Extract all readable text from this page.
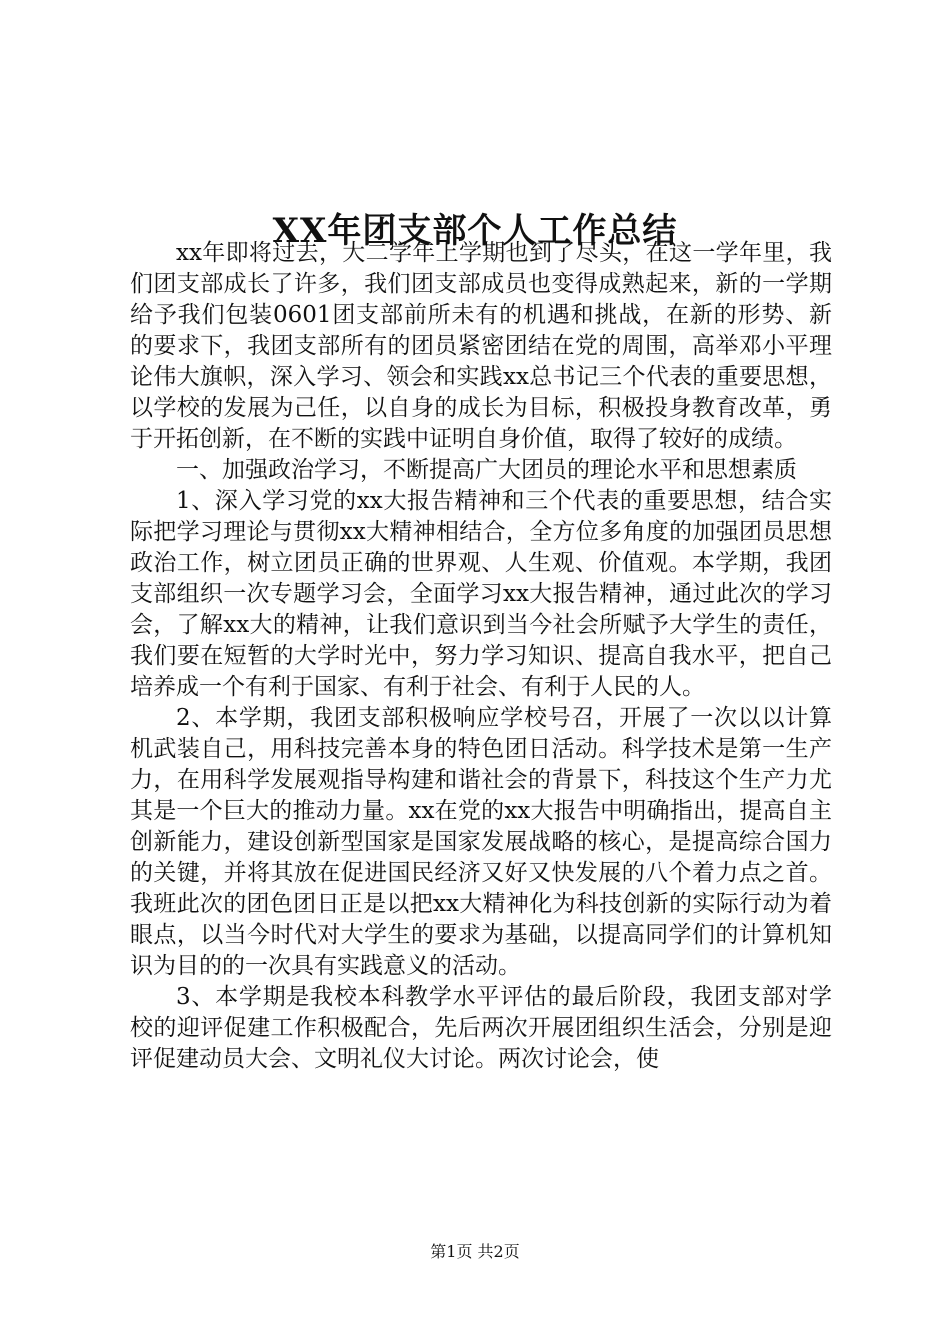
XX年团支部个人工作总结

xx年即将过去，大二学年上学期也到了尽头，在这一学年里，我们团支部成长了许多，我们团支部成员也变得成熟起来，新的一学期给予我们包装0601团支部前所未有的机遇和挑战，在新的形势、新的要求下，我团支部所有的团员紧密团结在党的周围，高举邓小平理论伟大旗帜，深入学习、领会和实践xx总书记三个代表的重要思想，以学校的发展为己任，以自身的成长为目标，积极投身教育改革，勇于开拓创新，在不断的实践中证明自身价值，取得了较好的成绩。

一、加强政治学习，不断提高广大团员的理论水平和思想素质

1、深入学习党的xx大报告精神和三个代表的重要思想，结合实际把学习理论与贯彻xx大精神相结合，全方位多角度的加强团员思想政治工作，树立团员正确的世界观、人生观、价值观。本学期，我团支部组织一次专题学习会，全面学习xx大报告精神，通过此次的学习会，了解xx大的精神，让我们意识到当今社会所赋予大学生的责任，我们要在短暂的大学时光中，努力学习知识、提高自我水平，把自己培养成一个有利于国家、有利于社会、有利于人民的人。

2、本学期，我团支部积极响应学校号召，开展了一次以以计算机武装自己，用科技完善本身的特色团日活动。科学技术是第一生产力，在用科学发展观指导构建和谐社会的背景下，科技这个生产力尤其是一个巨大的推动力量。xx在党的xx大报告中明确指出，提高自主创新能力，建设创新型国家是国家发展战略的核心，是提高综合国力的关键，并将其放在促进国民经济又好又快发展的八个着力点之首。我班此次的团色团日正是以把xx大精神化为科技创新的实际行动为着眼点，以当今时代对大学生的要求为基础，以提高同学们的计算机知识为目的的一次具有实践意义的活动。

3、本学期是我校本科教学水平评估的最后阶段，我团支部对学校的迎评促建工作积极配合，先后两次开展团组织生活会，分别是迎评促建动员大会、文明礼仪大讨论。两次讨论会，使

第1页 共2页
